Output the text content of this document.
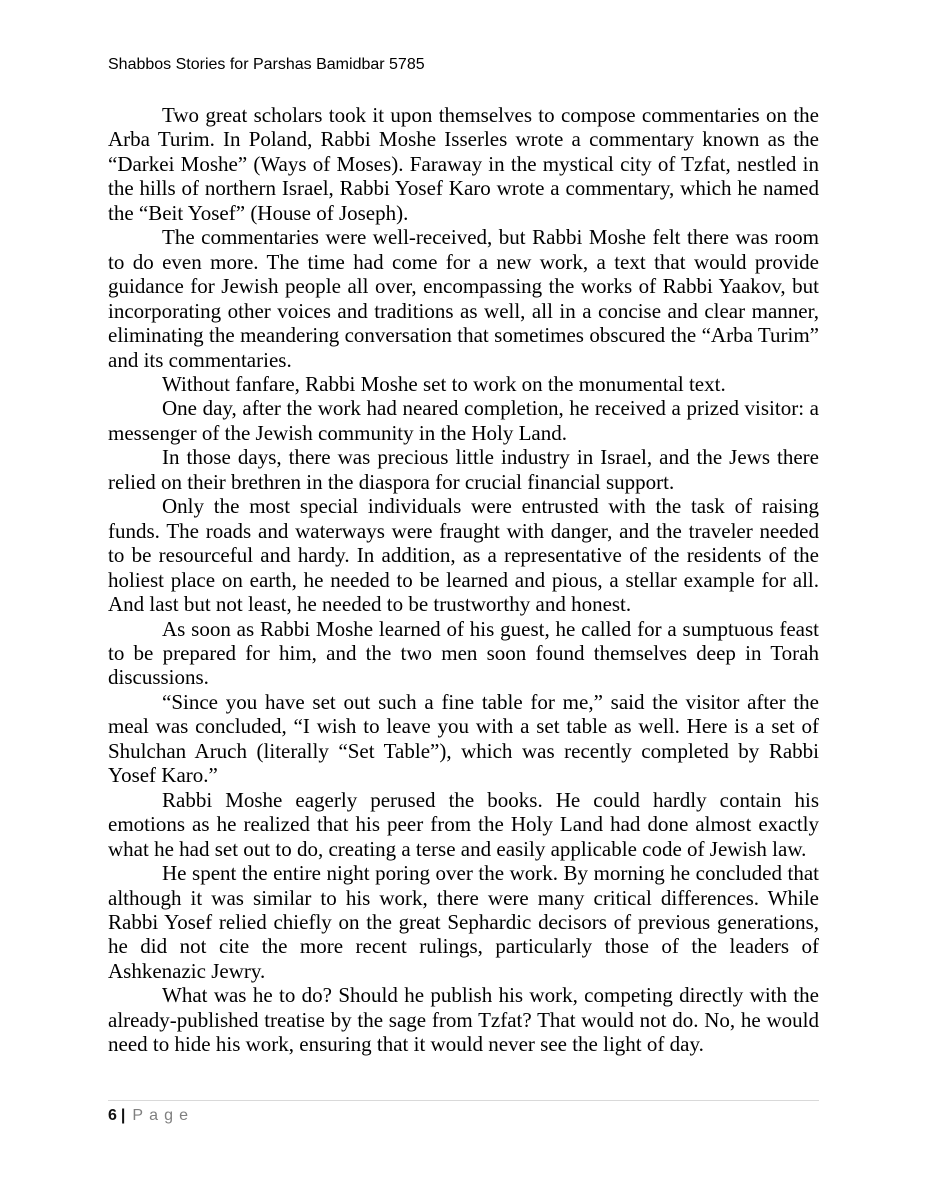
Shabbos Stories for Parshas Bamidbar 5785

Two great scholars took it upon themselves to compose commentaries on the Arba Turim. In Poland, Rabbi Moshe Isserles wrote a commentary known as the “Darkei Moshe” (Ways of Moses). Faraway in the mystical city of Tzfat, nestled in the hills of northern Israel, Rabbi Yosef Karo wrote a commentary, which he named the “Beit Yosef” (House of Joseph).

The commentaries were well-received, but Rabbi Moshe felt there was room to do even more. The time had come for a new work, a text that would provide guidance for Jewish people all over, encompassing the works of Rabbi Yaakov, but incorporating other voices and traditions as well, all in a concise and clear manner, eliminating the meandering conversation that sometimes obscured the “Arba Turim” and its commentaries.

Without fanfare, Rabbi Moshe set to work on the monumental text.

One day, after the work had neared completion, he received a prized visitor: a messenger of the Jewish community in the Holy Land.

In those days, there was precious little industry in Israel, and the Jews there relied on their brethren in the diaspora for crucial financial support.

Only the most special individuals were entrusted with the task of raising funds. The roads and waterways were fraught with danger, and the traveler needed to be resourceful and hardy. In addition, as a representative of the residents of the holiest place on earth, he needed to be learned and pious, a stellar example for all. And last but not least, he needed to be trustworthy and honest.

As soon as Rabbi Moshe learned of his guest, he called for a sumptuous feast to be prepared for him, and the two men soon found themselves deep in Torah discussions.

“Since you have set out such a fine table for me,” said the visitor after the meal was concluded, “I wish to leave you with a set table as well. Here is a set of Shulchan Aruch (literally “Set Table”), which was recently completed by Rabbi Yosef Karo.”

Rabbi Moshe eagerly perused the books. He could hardly contain his emotions as he realized that his peer from the Holy Land had done almost exactly what he had set out to do, creating a terse and easily applicable code of Jewish law.

He spent the entire night poring over the work. By morning he concluded that although it was similar to his work, there were many critical differences. While Rabbi Yosef relied chiefly on the great Sephardic decisors of previous generations, he did not cite the more recent rulings, particularly those of the leaders of Ashkenazic Jewry.

What was he to do? Should he publish his work, competing directly with the already-published treatise by the sage from Tzfat? That would not do. No, he would need to hide his work, ensuring that it would never see the light of day.

6 | Page
